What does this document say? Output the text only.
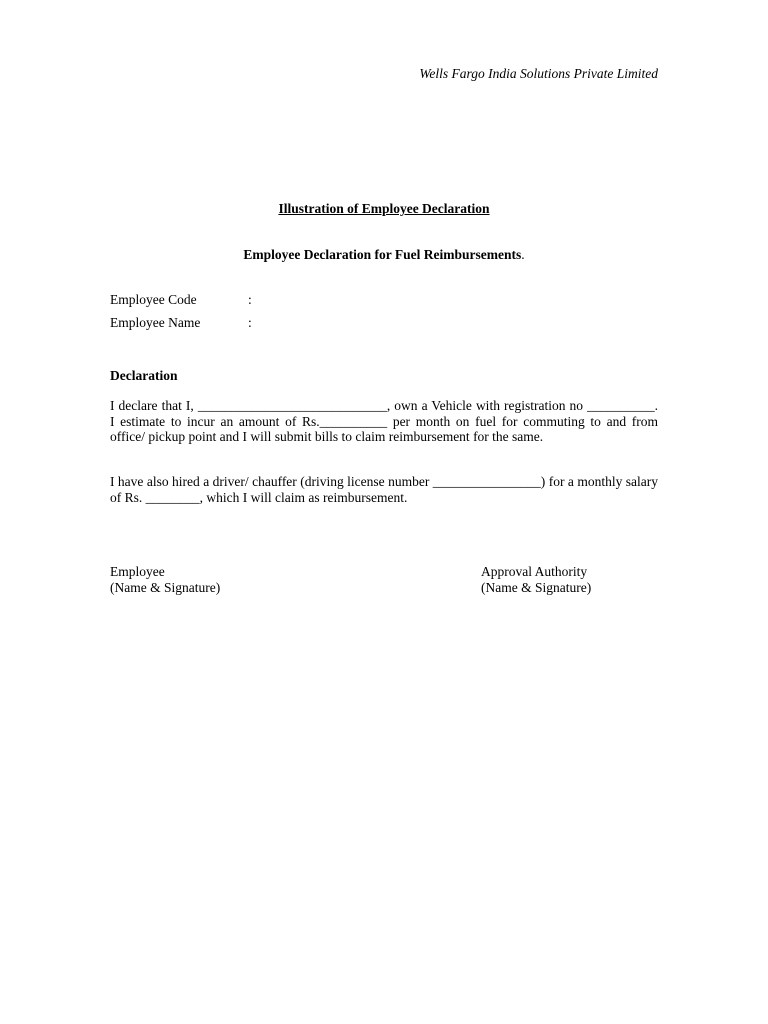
Wells Fargo India Solutions Private Limited
Illustration of Employee Declaration
Employee Declaration for Fuel Reimbursements.
Employee Code	:
Employee Name	:
Declaration
I declare that I, ____________________________, own a Vehicle with registration no __________. I estimate to incur an amount of Rs.__________ per month on fuel for commuting to and from office/ pickup point and I will submit bills to claim reimbursement for the same.
I have also hired a driver/ chauffer (driving license number ________________) for a monthly salary of Rs. ________, which I will claim as reimbursement.
Employee
(Name & Signature)
Approval Authority
(Name & Signature)
